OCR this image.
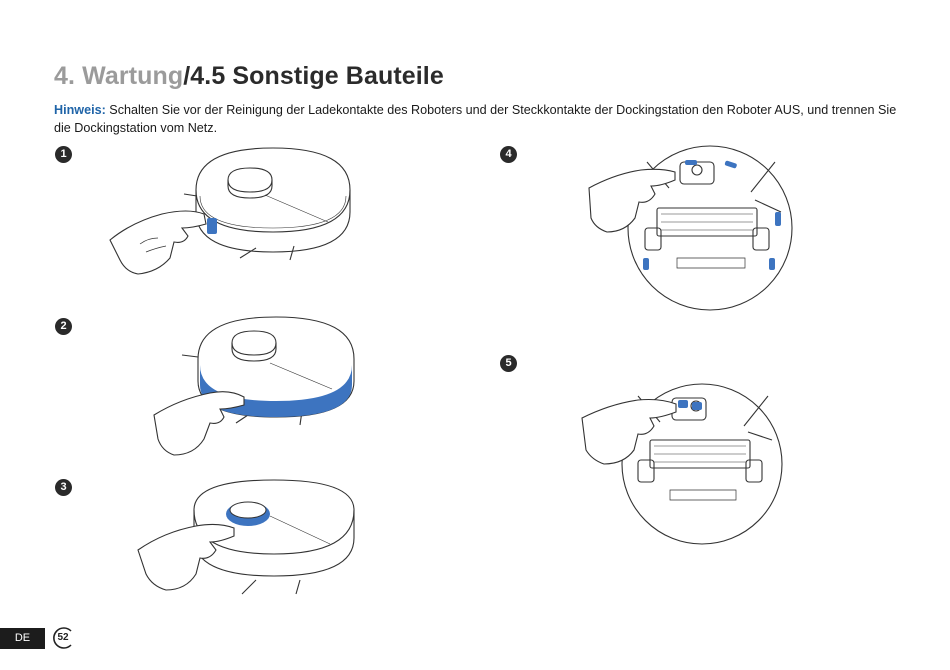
4. Wartung/4.5 Sonstige Bauteile

Hinweis: Schalten Sie vor der Reinigung der Ladekontakte des Roboters und der Steckkontakte der Dockingstation den Roboter AUS, und trennen Sie die Dockingstation vom Netz.

1
2
3
4
5
DE	52
